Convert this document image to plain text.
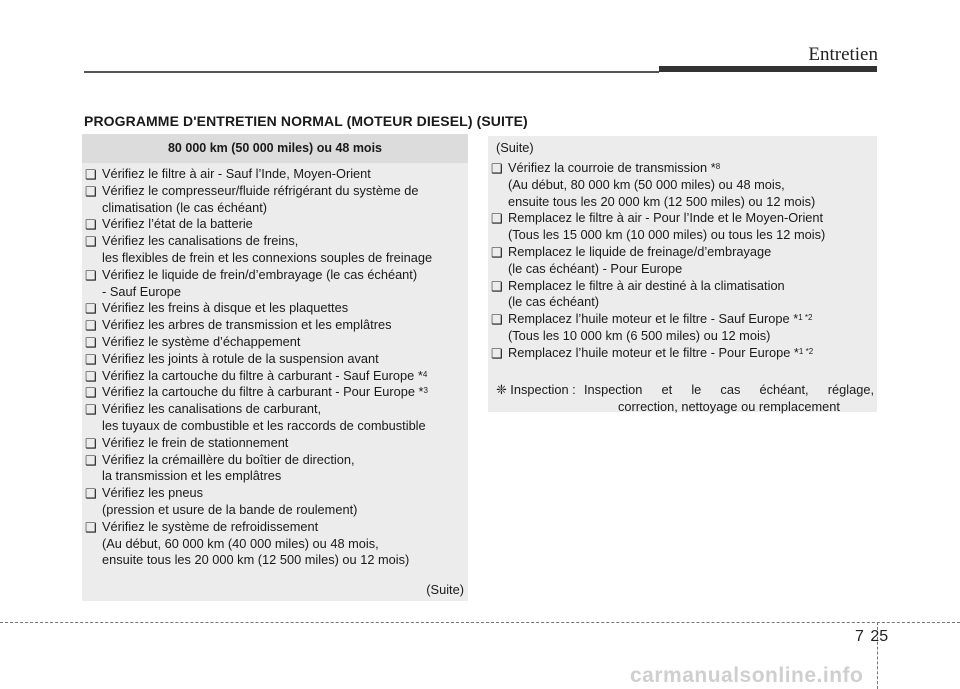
Entretien
PROGRAMME D'ENTRETIEN NORMAL (MOTEUR DIESEL) (SUITE)
80 000 km (50 000 miles) ou 48 mois
❑ Vérifiez le filtre à air - Sauf l’Inde, Moyen-Orient
❑ Vérifiez le compresseur/fluide réfrigérant du système de
climatisation (le cas échéant)
❑ Vérifiez l’état de la batterie
❑ Vérifiez les canalisations de freins,
les flexibles de frein et les connexions souples de freinage
❑ Vérifiez le liquide de frein/d’embrayage (le cas échéant)
- Sauf Europe
❑ Vérifiez les freins à disque et les plaquettes
❑ Vérifiez les arbres de transmission et les emplâtres
❑ Vérifiez le système d’échappement
❑ Vérifiez les joints à rotule de la suspension avant
❑ Vérifiez la cartouche du filtre à carburant - Sauf Europe *$^4$
❑ Vérifiez la cartouche du filtre à carburant - Pour Europe *$^3$
❑ Vérifiez les canalisations de carburant,
les tuyaux de combustible et les raccords de combustible
❑ Vérifiez le frein de stationnement
❑ Vérifiez la crémaillère du boîtier de direction,
la transmission et les emplâtres
❑ Vérifiez les pneus
(pression et usure de la bande de roulement)
❑ Vérifiez le système de refroidissement
(Au début, 60 000 km (40 000 miles) ou 48 mois,
ensuite tous les 20 000 km (12 500 miles) ou 12 mois)
(Suite)
(Suite)
❑ Vérifiez la courroie de transmission *$^8$
(Au début, 80 000 km (50 000 miles) ou 48 mois,
ensuite tous les 20 000 km (12 500 miles) ou 12 mois)
❑ Remplacez le filtre à air - Pour l’Inde et le Moyen-Orient
(Tous les 15 000 km (10 000 miles) ou tous les 12 mois)
❑ Remplacez le liquide de freinage/d’embrayage
(le cas échéant) - Pour Europe
❑ Remplacez le filtre à air destiné à la climatisation
(le cas échéant)
❑ Remplacez l’huile moteur et le filtre - Sauf Europe *$^{1 *2}$
(Tous les 10 000 km (6 500 miles) ou 12 mois)
❑ Remplacez l’huile moteur et le filtre - Pour Europe *$^{1 *2}$
❈ Inspection : Inspection et le cas échéant, réglage,
correction, nettoyage ou remplacement
7 25
carmanualsonline.info
